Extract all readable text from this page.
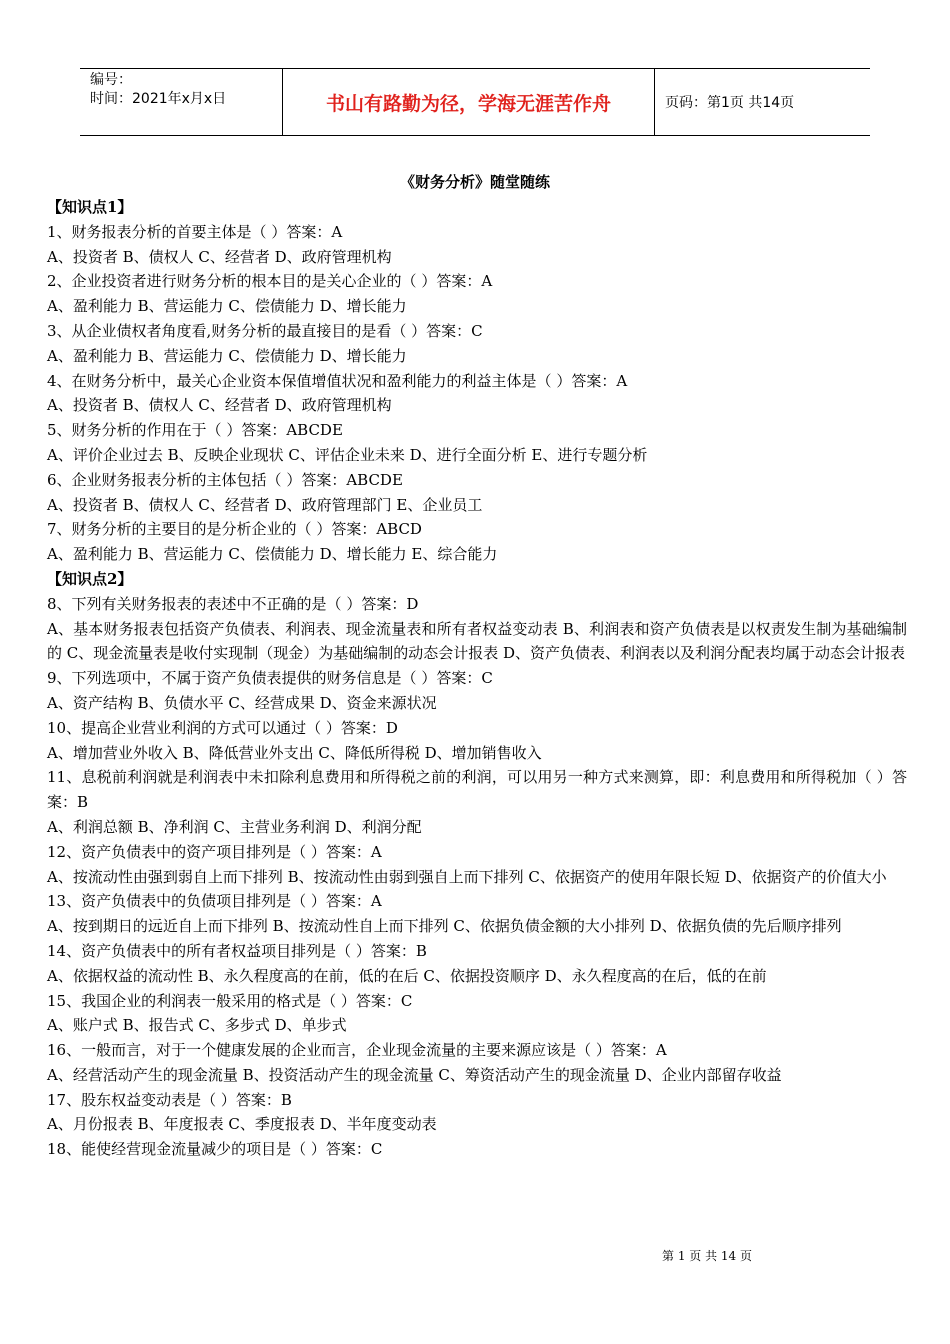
编号：
时间：2021年x月x日	书山有路勤为径，学海无涯苦作舟	页码：第1页 共14页
《财务分析》随堂随练
【知识点1】
1、财务报表分析的首要主体是（ ）答案：A
A、投资者 B、债权人 C、经营者 D、政府管理机构
2、企业投资者进行财务分析的根本目的是关心企业的（ ）答案：A
A、盈利能力 B、营运能力 C、偿债能力 D、增长能力
3、从企业债权者角度看,财务分析的最直接目的是看（ ）答案：C
A、盈利能力 B、营运能力 C、偿债能力 D、增长能力
4、在财务分析中，最关心企业资本保值增值状况和盈利能力的利益主体是（ ）答案：A
A、投资者 B、债权人 C、经营者 D、政府管理机构
5、财务分析的作用在于（ ）答案：ABCDE
A、评价企业过去 B、反映企业现状 C、评估企业未来 D、进行全面分析 E、进行专题分析
6、企业财务报表分析的主体包括（ ）答案：ABCDE
A、投资者 B、债权人 C、经营者 D、政府管理部门 E、企业员工
7、财务分析的主要目的是分析企业的（ ）答案：ABCD
A、盈利能力 B、营运能力 C、偿债能力 D、增长能力 E、综合能力
【知识点2】
8、下列有关财务报表的表述中不正确的是（ ）答案：D
A、基本财务报表包括资产负债表、利润表、现金流量表和所有者权益变动表 B、利润表和资产负债表是以权责发生制为基础编制的 C、现金流量表是收付实现制（现金）为基础编制的动态会计报表 D、资产负债表、利润表以及利润分配表均属于动态会计报表
9、下列选项中，不属于资产负债表提供的财务信息是（ ）答案：C
A、资产结构 B、负债水平 C、经营成果 D、资金来源状况
10、提高企业营业利润的方式可以通过（ ）答案：D
A、增加营业外收入 B、降低营业外支出 C、降低所得税 D、增加销售收入
11、息税前利润就是利润表中未扣除利息费用和所得税之前的利润，可以用另一种方式来测算，即：利息费用和所得税加（ ）答案：B
A、利润总额 B、净利润 C、主营业务利润 D、利润分配
12、资产负债表中的资产项目排列是（ ）答案：A
A、按流动性由强到弱自上而下排列 B、按流动性由弱到强自上而下排列 C、依据资产的使用年限长短 D、依据资产的价值大小
13、资产负债表中的负债项目排列是（ ）答案：A
A、按到期日的远近自上而下排列 B、按流动性自上而下排列 C、依据负债金额的大小排列 D、依据负债的先后顺序排列
14、资产负债表中的所有者权益项目排列是（ ）答案：B
A、依据权益的流动性 B、永久程度高的在前，低的在后 C、依据投资顺序 D、永久程度高的在后，低的在前
15、我国企业的利润表一般采用的格式是（ ）答案：C
A、账户式 B、报告式 C、多步式 D、单步式
16、一般而言，对于一个健康发展的企业而言，企业现金流量的主要来源应该是（ ）答案：A
A、经营活动产生的现金流量 B、投资活动产生的现金流量 C、筹资活动产生的现金流量 D、企业内部留存收益
17、股东权益变动表是（ ）答案：B
A、月份报表 B、年度报表 C、季度报表 D、半年度变动表
18、能使经营现金流量减少的项目是（ ）答案：C
第 1 页 共 14 页
